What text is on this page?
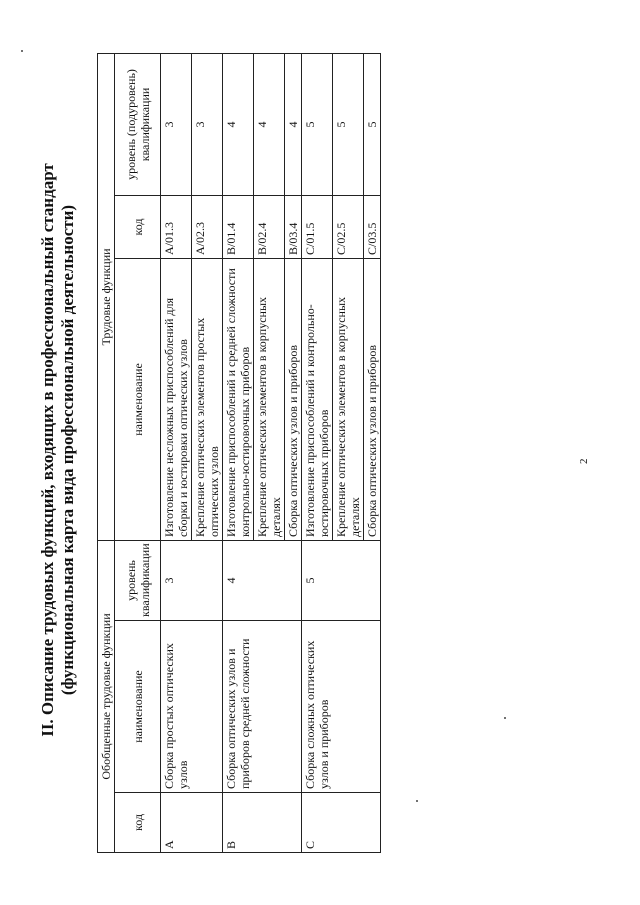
2
II. Описание трудовых функций, входящих в профессиональный стандарт (функциональная карта вида профессиональной деятельности)
Обобщенные трудовые функции			Трудовые функции		
код	наименование	уровень квалификации	наименование	код	уровень (подуровень) квалификации
A	Сборка простых оптических узлов	3	Изготовление несложных приспособлений для сборки и юстировки оптических узлов	A/01.3	3
			Крепление оптических элементов простых оптических узлов	A/02.3	3
B	Сборка оптических узлов и приборов средней сложности	4	Изготовление приспособлений и средней сложности контрольно-юстировочных приборов	B/01.4	4
			Крепление оптических элементов в корпусных деталях	B/02.4	4
			Сборка оптических узлов и приборов	B/03.4	4
C	Сборка сложных оптических узлов и приборов	5	Изготовление приспособлений и контрольно-юстировочных приборов	C/01.5	5
			Крепление оптических элементов в корпусных деталях	C/02.5	5
			Сборка оптических узлов и приборов	C/03.5	5
